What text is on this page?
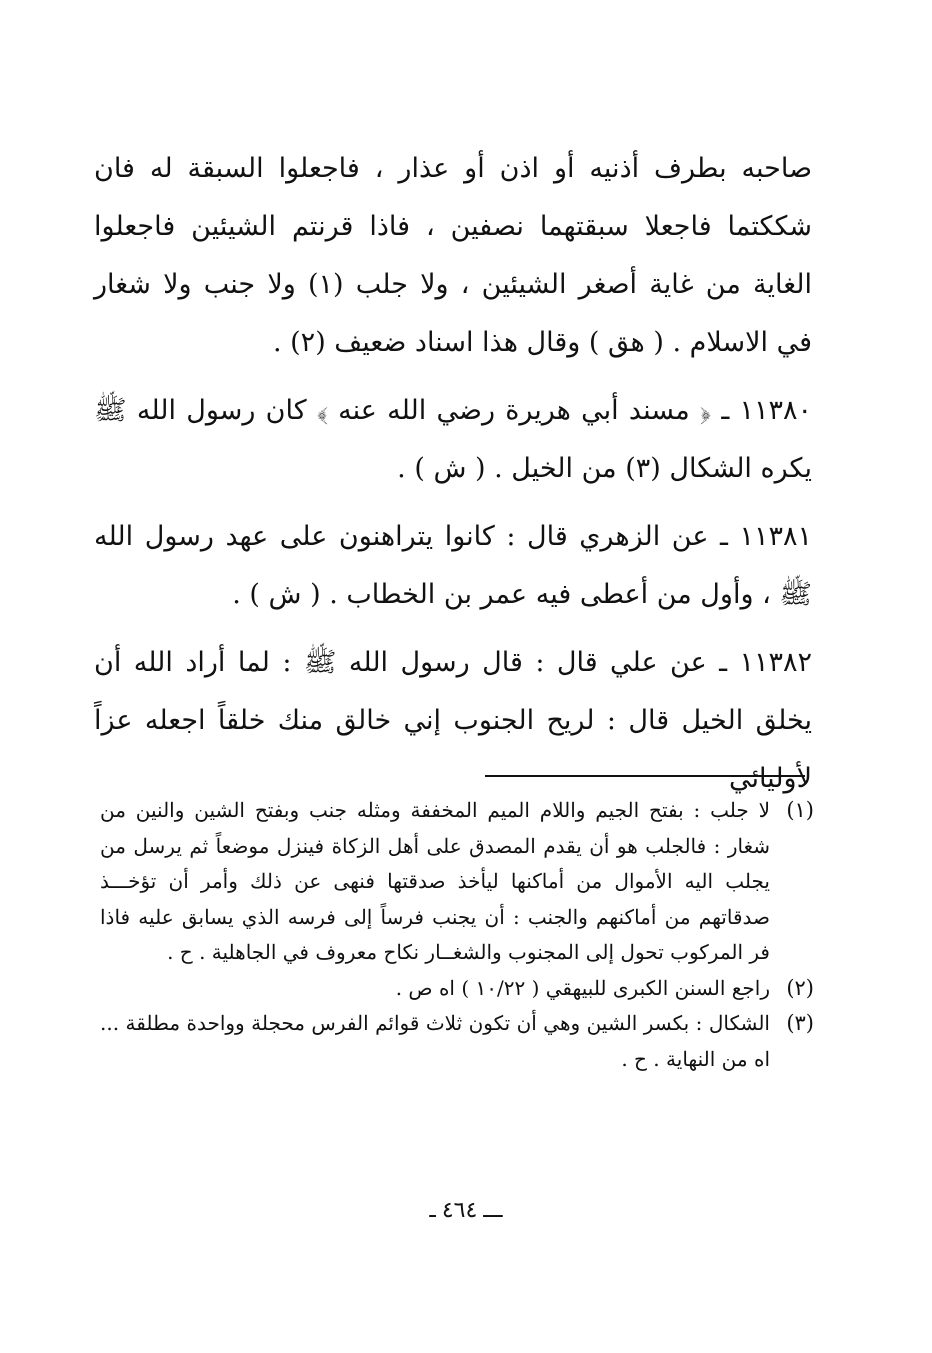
صاحبه بطرف أذنيه أو اذن أو عذار ، فاجعلوا السبقة له فان شككتما فاجعلا سبقتهما نصفين ، فاذا قرنتم الشيئين فاجعلوا الغاية من غاية أصغر الشيئين ، ولا جلب (١) ولا جنب ولا شغار في الاسلام . ( هق ) وقال هذا اسناد ضعيف (٢) .

١١٣٨٠ ـ ﴿ مسند أبي هريرة رضي الله عنه ﴾ كان رسول الله ﷺ يكره الشكال (٣) من الخيل . ( ش ) .

١١٣٨١ ـ عن الزهري قال : كانوا يتراهنون على عهد رسول الله ﷺ ، وأول من أعطى فيه عمر بن الخطاب . ( ش ) .

١١٣٨٢ ـ عن علي قال : قال رسول الله ﷺ : لما أراد الله أن يخلق الخيل قال : لريح الجنوب إني خالق منك خلقاً اجعله عزاً لأوليائي

(١)
لا جلب : بفتح الجيم واللام الميم المخففة ومثله جنب وبفتح الشين والنين من شغار : فالجلب هو أن يقدم المصدق على أهل الزكاة فينزل موضعاً ثم يرسل من يجلب اليه الأموال من أماكنها ليأخذ صدقتها فنهى عن ذلك وأمر أن تؤخـــذ صدقاتهم من أماكنهم والجنب : أن يجنب فرساً إلى فرسه الذي يسابق عليه فاذا فر المركوب تحول إلى المجنوب والشغــار نكاح معروف في الجاهلية . ح .
(٢)
راجع السنن الكبرى للبيهقي ( ١٠/٢٢ ) اه ص .
(٣)
الشكال : بكسر الشين وهي أن تكون ثلاث قوائم الفرس محجلة وواحدة مطلقة ... اه من النهاية . ح .
ـــ٤٦٤ـ
